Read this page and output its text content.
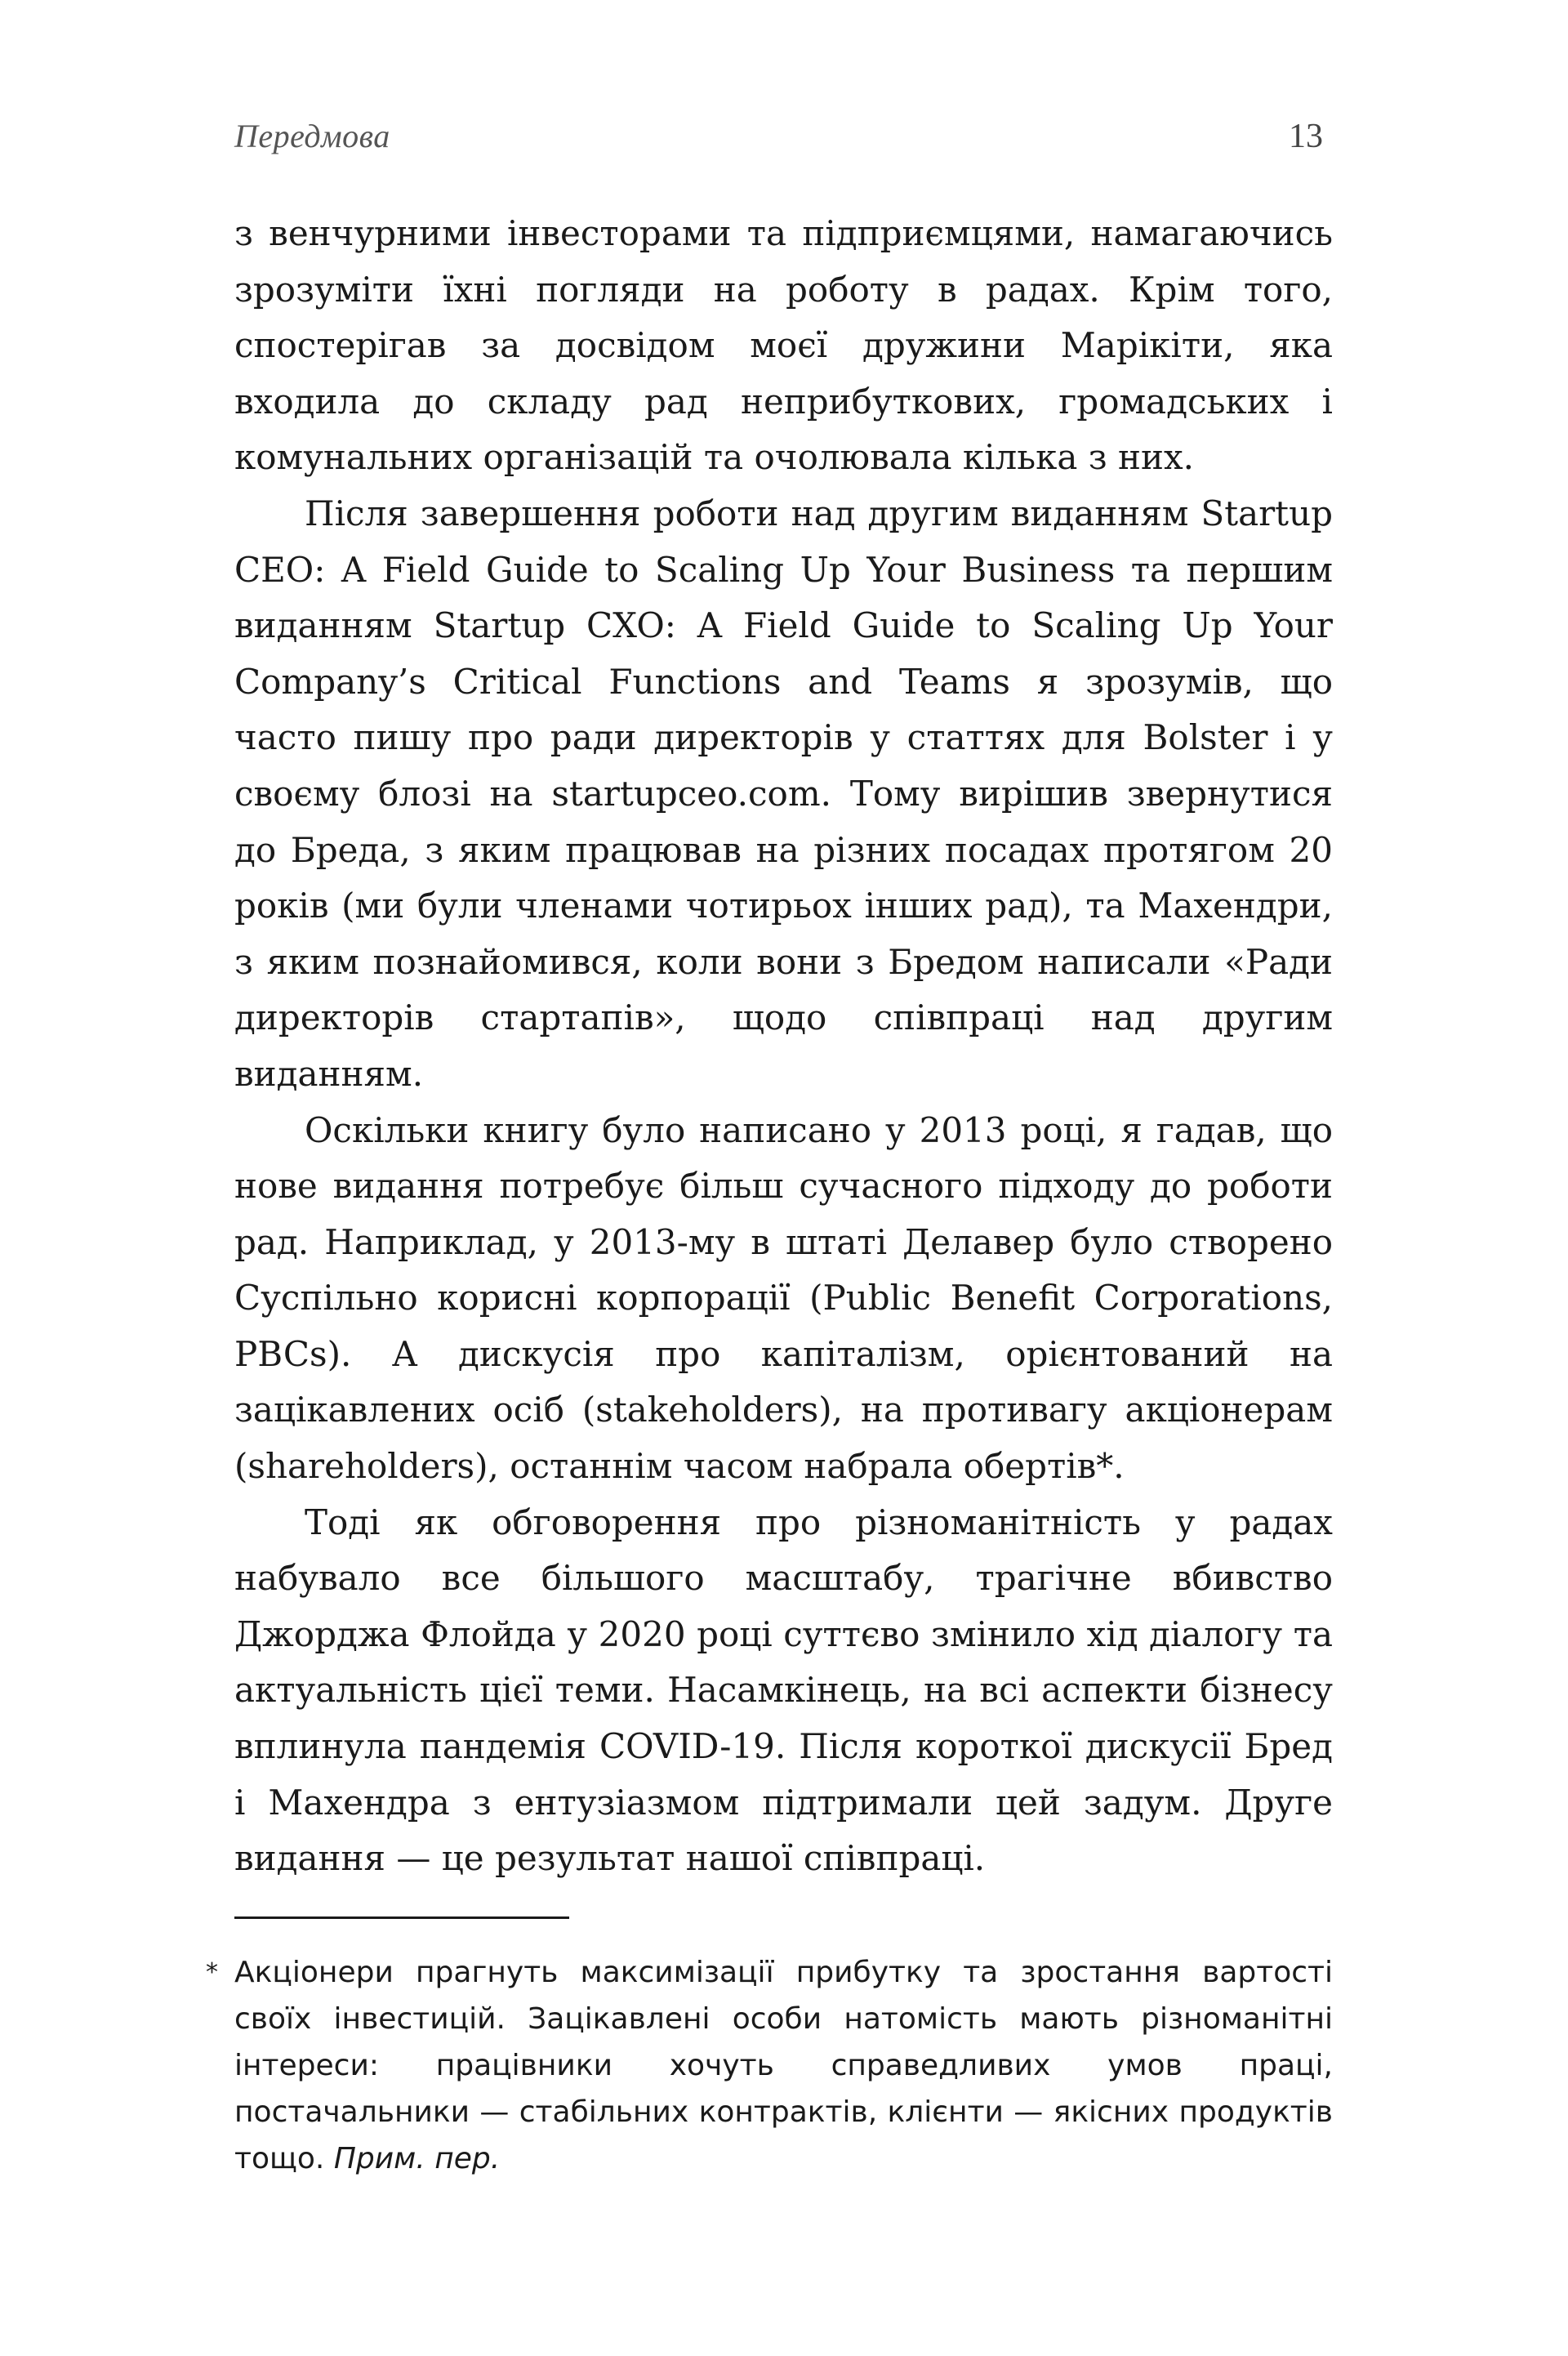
Передмова	13

з венчурними інвесторами та підприємцями, намагаючись зрозуміти їхні погляди на роботу в радах. Крім того, спостерігав за досвідом моєї дружини Марікіти, яка входила до складу рад неприбуткових, громадських і комунальних організацій та очолювала кілька з них.

Після завершення роботи над другим виданням Startup CEO: A Field Guide to Scaling Up Your Business та першим виданням Startup CXO: A Field Guide to Scaling Up Your Company’s Critical Functions and Teams я зрозумів, що часто пишу про ради директорів у статтях для Bolster і у своєму блозі на startupceo.com. Тому вирішив звернутися до Бреда, з яким працював на різних посадах протягом 20 років (ми були членами чотирьох інших рад), та Махендри, з яким познайомився, коли вони з Бредом написали «Ради директорів стартапів», щодо співпраці над другим виданням.

Оскільки книгу було написано у 2013 році, я гадав, що нове видання потребує більш сучасного підходу до роботи рад. Наприклад, у 2013-му в штаті Делавер було створено Суспільно корисні корпорації (Public Benefit Corporations, PBCs). А дискусія про капіталізм, орієнтований на зацікавлених осіб (stakeholders), на противагу акціонерам (shareholders), останнім часом набрала обертів*.

Тоді як обговорення про різноманітність у радах набувало все більшого масштабу, трагічне вбивство Джорджа Флойда у 2020 році суттєво змінило хід діалогу та актуальність цієї теми. Насамкінець, на всі аспекти бізнесу вплинула пандемія COVID-19. Після короткої дискусії Бред і Махендра з ентузіазмом підтримали цей задум. Друге видання — це результат нашої співпраці.

* Акціонери прагнуть максимізації прибутку та зростання вартості своїх інвестицій. Зацікавлені особи натомість мають різноманітні інтереси: працівники хочуть справедливих умов праці, постачальники — стабільних контрактів, клієнти — якісних продуктів тощо. Прим. пер.
